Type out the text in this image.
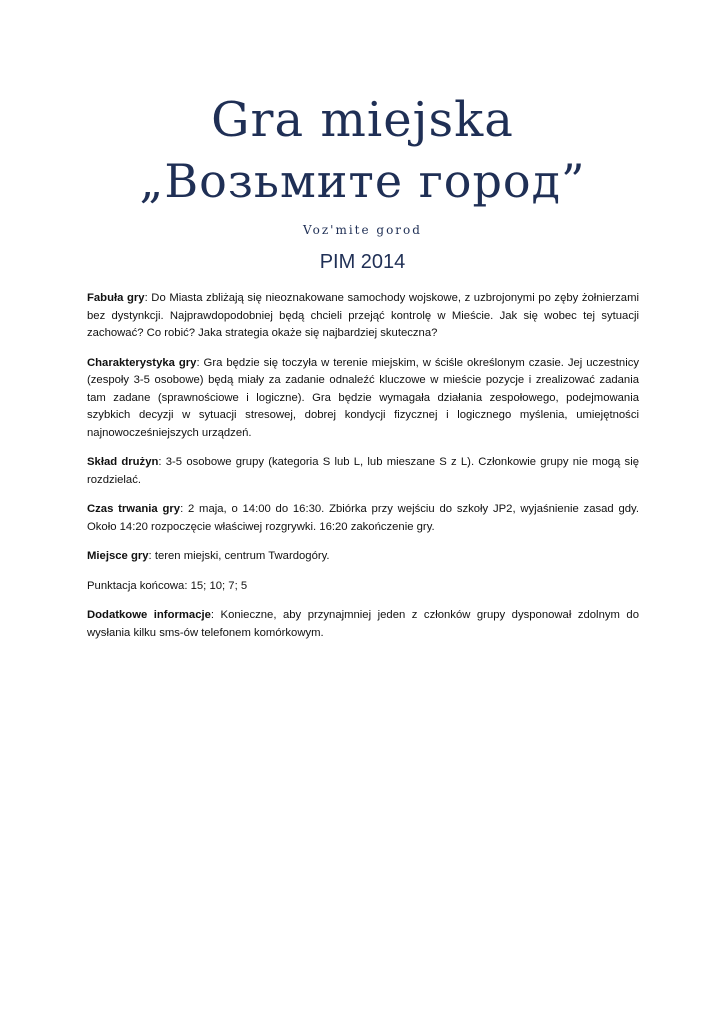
Gra miejska
„Возьмите город”
Voz'mite gorod
PIM 2014

Fabuła gry: Do Miasta zbliżają się nieoznakowane samochody wojskowe, z uzbrojonymi po zęby żołnierzami bez dystynkcji. Najprawdopodobniej będą chcieli przejąć kontrolę w Mieście. Jak się wobec tej sytuacji zachować? Co robić? Jaka strategia okaże się najbardziej skuteczna?

Charakterystyka gry: Gra będzie się toczyła w terenie miejskim, w ściśle określonym czasie. Jej uczestnicy (zespoły 3-5 osobowe) będą miały za zadanie odnaleźć kluczowe w mieście pozycje i zrealizować zadania tam zadane (sprawnościowe i logiczne). Gra będzie wymagała działania zespołowego, podejmowania szybkich decyzji w sytuacji stresowej, dobrej kondycji fizycznej i logicznego myślenia, umiejętności najnowocześniejszych urządzeń.

Skład drużyn: 3-5 osobowe grupy (kategoria S lub L, lub mieszane S z L). Członkowie grupy nie mogą się rozdzielać.

Czas trwania gry: 2 maja, o 14:00 do 16:30. Zbiórka przy wejściu do szkoły JP2, wyjaśnienie zasad gdy. Około 14:20 rozpoczęcie właściwej rozgrywki. 16:20 zakończenie gry.

Miejsce gry: teren miejski, centrum Twardogóry.

Punktacja końcowa: 15; 10; 7; 5

Dodatkowe informacje: Konieczne, aby przynajmniej jeden z członków grupy dysponował zdolnym do wysłania kilku sms-ów telefonem komórkowym.
